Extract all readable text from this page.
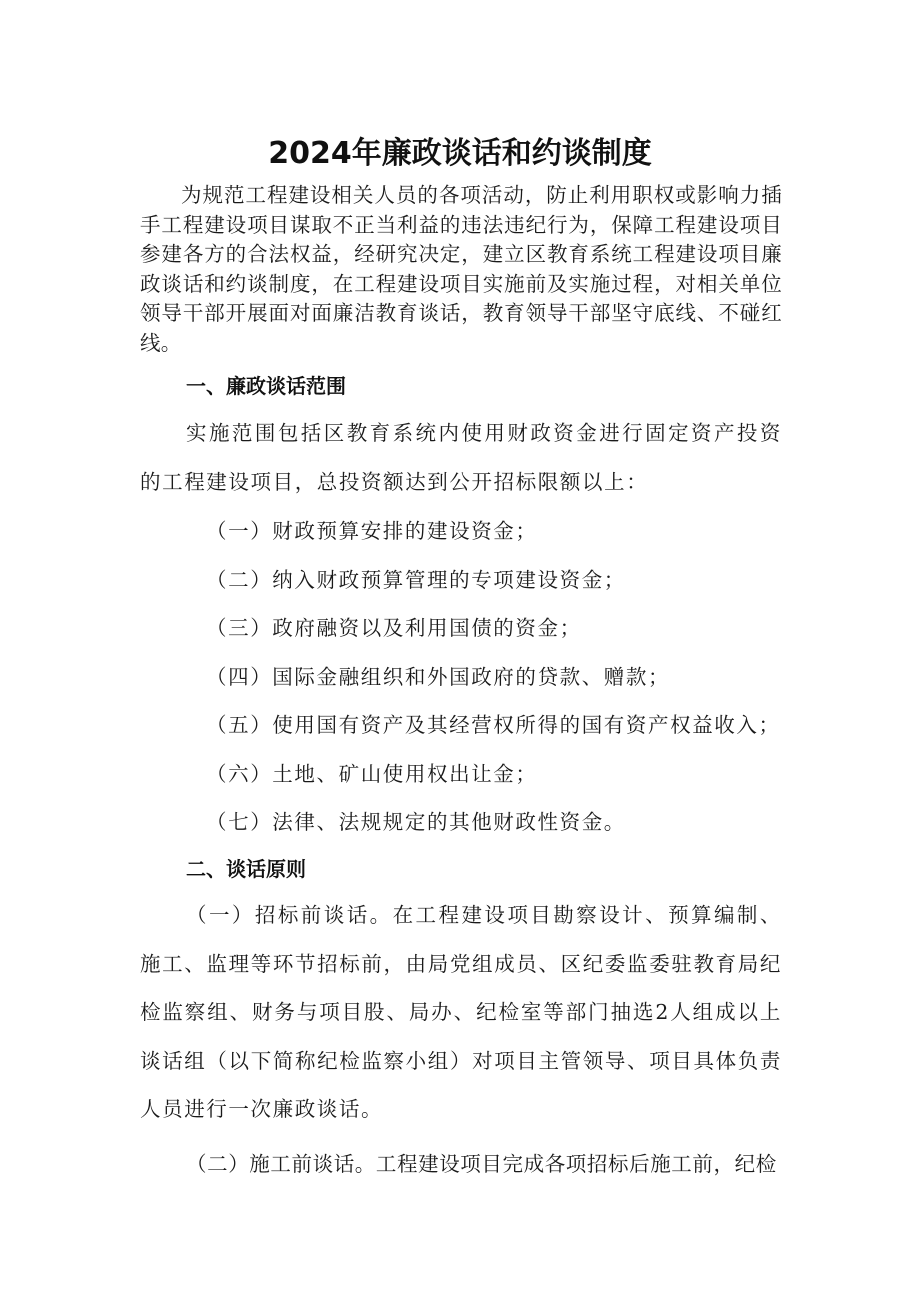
2024年廉政谈话和约谈制度

为规范工程建设相关人员的各项活动，防止利用职权或影响力插手工程建设项目谋取不正当利益的违法违纪行为，保障工程建设项目参建各方的合法权益，经研究决定，建立区教育系统工程建设项目廉政谈话和约谈制度，在工程建设项目实施前及实施过程，对相关单位领导干部开展面对面廉洁教育谈话，教育领导干部坚守底线、不碰红线。

一、廉政谈话范围

实施范围包括区教育系统内使用财政资金进行固定资产投资的工程建设项目，总投资额达到公开招标限额以上：

（一）财政预算安排的建设资金；
（二）纳入财政预算管理的专项建设资金；
（三）政府融资以及利用国债的资金；
（四）国际金融组织和外国政府的贷款、赠款；
（五）使用国有资产及其经营权所得的国有资产权益收入；
（六）土地、矿山使用权出让金；
（七）法律、法规规定的其他财政性资金。
二、谈话原则

（一）招标前谈话。在工程建设项目勘察设计、预算编制、施工、监理等环节招标前，由局党组成员、区纪委监委驻教育局纪检监察组、财务与项目股、局办、纪检室等部门抽选2人组成以上谈话组（以下简称纪检监察小组）对项目主管领导、项目具体负责人员进行一次廉政谈话。

（二）施工前谈话。工程建设项目完成各项招标后施工前，纪检
